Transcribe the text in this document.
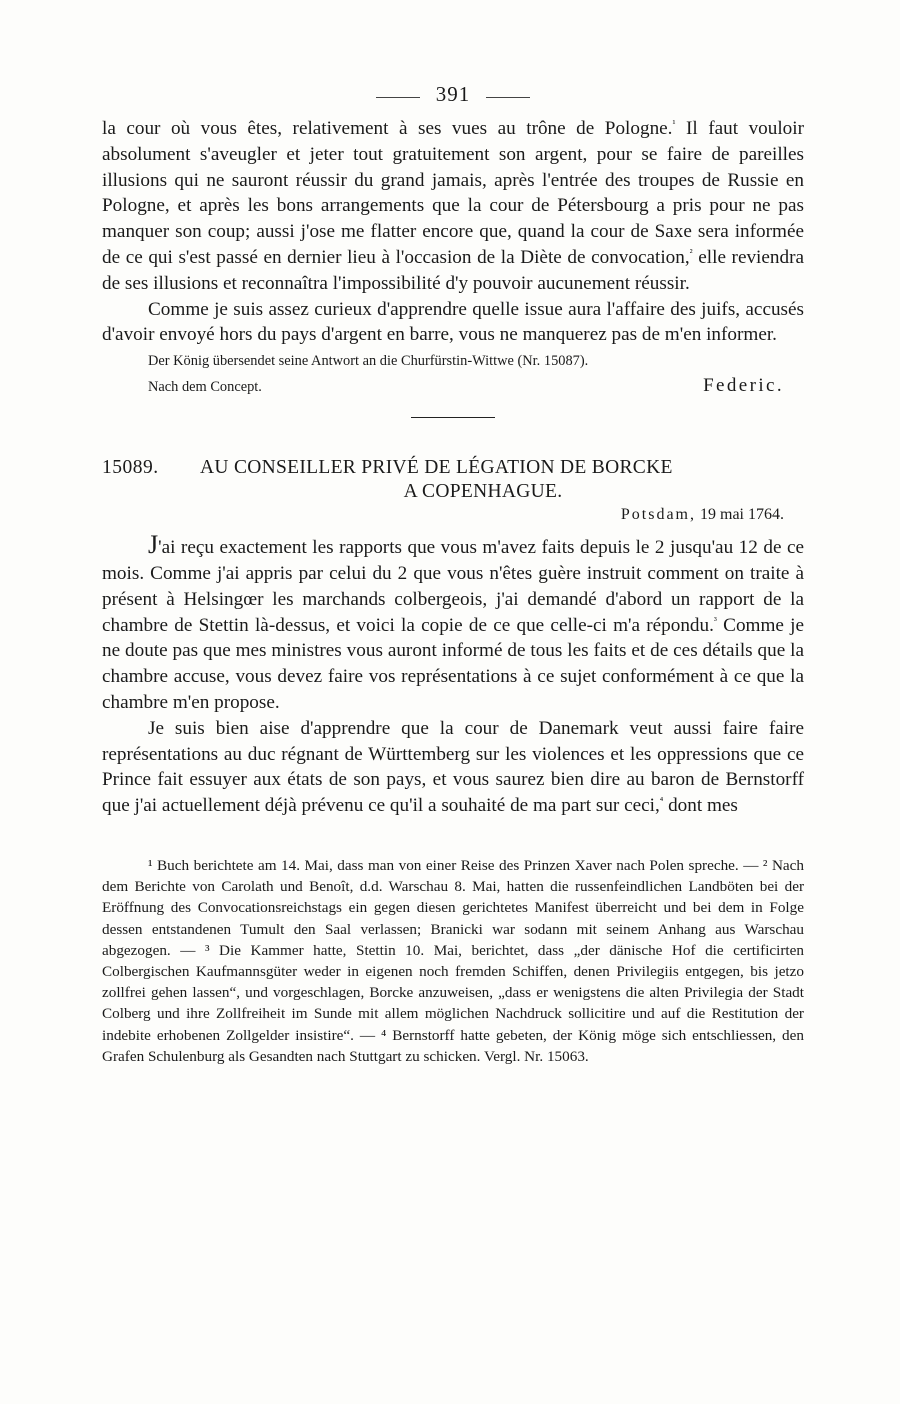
391

la cour où vous êtes, relativement à ses vues au trône de Pologne.$^{^1}$ Il faut vouloir absolument s'aveugler et jeter tout gratuitement son argent, pour se faire de pareilles illusions qui ne sauront réussir du grand jamais, après l'entrée des troupes de Russie en Pologne, et après les bons arrangements que la cour de Pétersbourg a pris pour ne pas manquer son coup; aussi j'ose me flatter encore que, quand la cour de Saxe sera informée de ce qui s'est passé en dernier lieu à l'occasion de la Diète de convocation,$^{^2}$ elle reviendra de ses illusions et reconnaîtra l'impossibilité d'y pouvoir aucunement réussir.

Comme je suis assez curieux d'apprendre quelle issue aura l'affaire des juifs, accusés d'avoir envoyé hors du pays d'argent en barre, vous ne manquerez pas de m'en informer.

Der König übersendet seine Antwort an die Churfürstin-Wittwe (Nr. 15087).
Nach dem Concept.	Federic.
15089.	AU CONSEILLER PRIVÉ DE LÉGATION DE BORCKE
A COPENHAGUE.
Potsdam, 19 mai 1764.

J'ai reçu exactement les rapports que vous m'avez faits depuis le 2 jusqu'au 12 de ce mois. Comme j'ai appris par celui du 2 que vous n'êtes guère instruit comment on traite à présent à Helsingœr les marchands colbergeois, j'ai demandé d'abord un rapport de la chambre de Stettin là-dessus, et voici la copie de ce que celle-ci m'a répondu.$^{^3}$ Comme je ne doute pas que mes ministres vous auront informé de tous les faits et de ces détails que la chambre accuse, vous devez faire vos représentations à ce sujet conformément à ce que la chambre m'en propose.

Je suis bien aise d'apprendre que la cour de Danemark veut aussi faire faire représentations au duc régnant de Württemberg sur les violences et les oppressions que ce Prince fait essuyer aux états de son pays, et vous saurez bien dire au baron de Bernstorff que j'ai actuellement déjà prévenu ce qu'il a souhaité de ma part sur ceci,$^{^4}$ dont mes

¹ Buch berichtete am 14. Mai, dass man von einer Reise des Prinzen Xaver nach Polen spreche. — ² Nach dem Berichte von Carolath und Benoît, d.d. Warschau 8. Mai, hatten die russenfeindlichen Landböten bei der Eröffnung des Convocationsreichstags ein gegen diesen gerichtetes Manifest überreicht und bei dem in Folge dessen entstandenen Tumult den Saal verlassen; Branicki war sodann mit seinem Anhang aus Warschau abgezogen. — ³ Die Kammer hatte, Stettin 10. Mai, berichtet, dass „der dänische Hof die certificirten Colbergischen Kaufmannsgüter weder in eigenen noch fremden Schiffen, denen Privilegiis entgegen, bis jetzo zollfrei gehen lassen“, und vorgeschlagen, Borcke anzuweisen, „dass er wenigstens die alten Privilegia der Stadt Colberg und ihre Zollfreiheit im Sunde mit allem möglichen Nachdruck sollicitire und auf die Restitution der indebite erhobenen Zollgelder insistire“. — ⁴ Bernstorff hatte gebeten, der König möge sich entschliessen, den Grafen Schulenburg als Gesandten nach Stuttgart zu schicken. Vergl. Nr. 15063.
